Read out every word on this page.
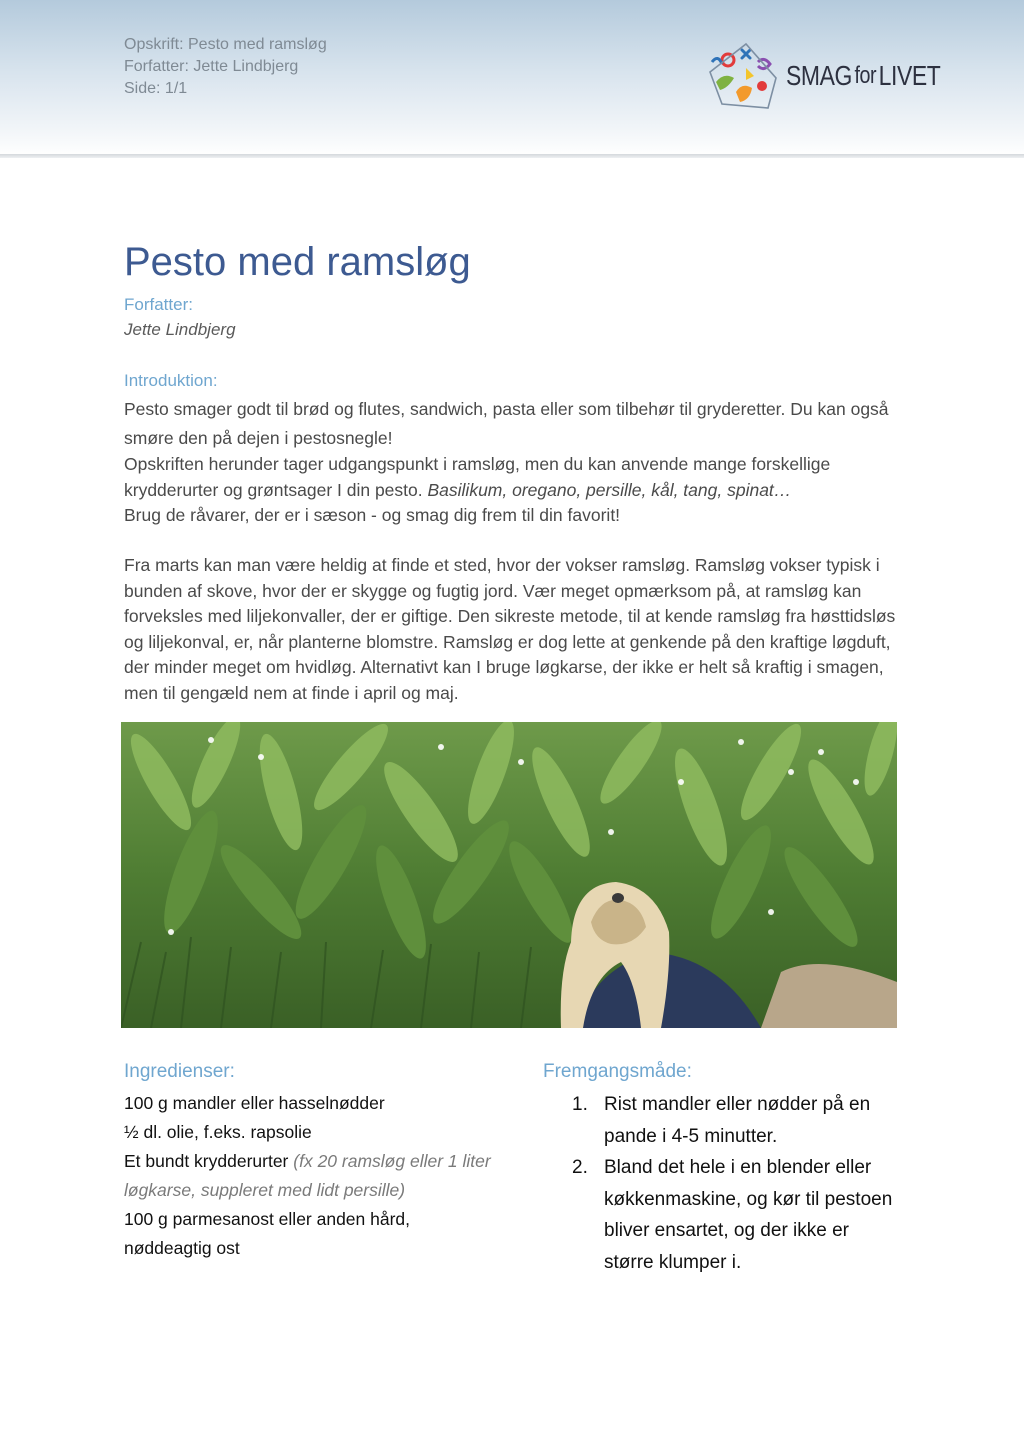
Opskrift: Pesto med ramsløg
Forfatter: Jette Lindbjerg
Side: 1/1	SMAG forLIVET
Pesto med ramsløg
Forfatter:
Jette Lindbjerg
Introduktion:

Pesto smager godt til brød og flutes, sandwich, pasta eller som tilbehør til gryderetter. Du kan også smøre den på dejen i pestosnegle!

Opskriften herunder tager udgangspunkt i ramsløg, men du kan anvende mange forskellige krydderurter og grøntsager I din pesto. Basilikum, oregano, persille, kål, tang, spinat…
Brug de råvarer, der er i sæson - og smag dig frem til din favorit!

Fra marts kan man være heldig at finde et sted, hvor der vokser ramsløg. Ramsløg vokser typisk i bunden af skove, hvor der er skygge og fugtig jord. Vær meget opmærksom på, at ramsløg kan forveksles med liljekonvaller, der er giftige. Den sikreste metode, til at kende ramsløg fra høsttidsløs og liljekonval, er, når planterne blomstre. Ramsløg er dog lette at genkende på den kraftige løgduft, der minder meget om hvidløg. Alternativt kan I bruge løgkarse, der ikke er helt så kraftig i smagen, men til gengæld nem at finde i april og maj.

Ingredienser:	Fremgangsmåde:

100 g mandler eller hasselnødder

½ dl. olie, f.eks. rapsolie

Et bundt krydderurter (fx 20 ramsløg eller 1 liter løgkarse, suppleret med lidt persille)

100 g parmesanost eller anden hård, nøddeagtig ost

1. Rist mandler eller nødder på en pande i 4-5 minutter.
2. Bland det hele i en blender eller køkkenmaskine, og kør til pestoen bliver ensartet, og der ikke er større klumper i.
